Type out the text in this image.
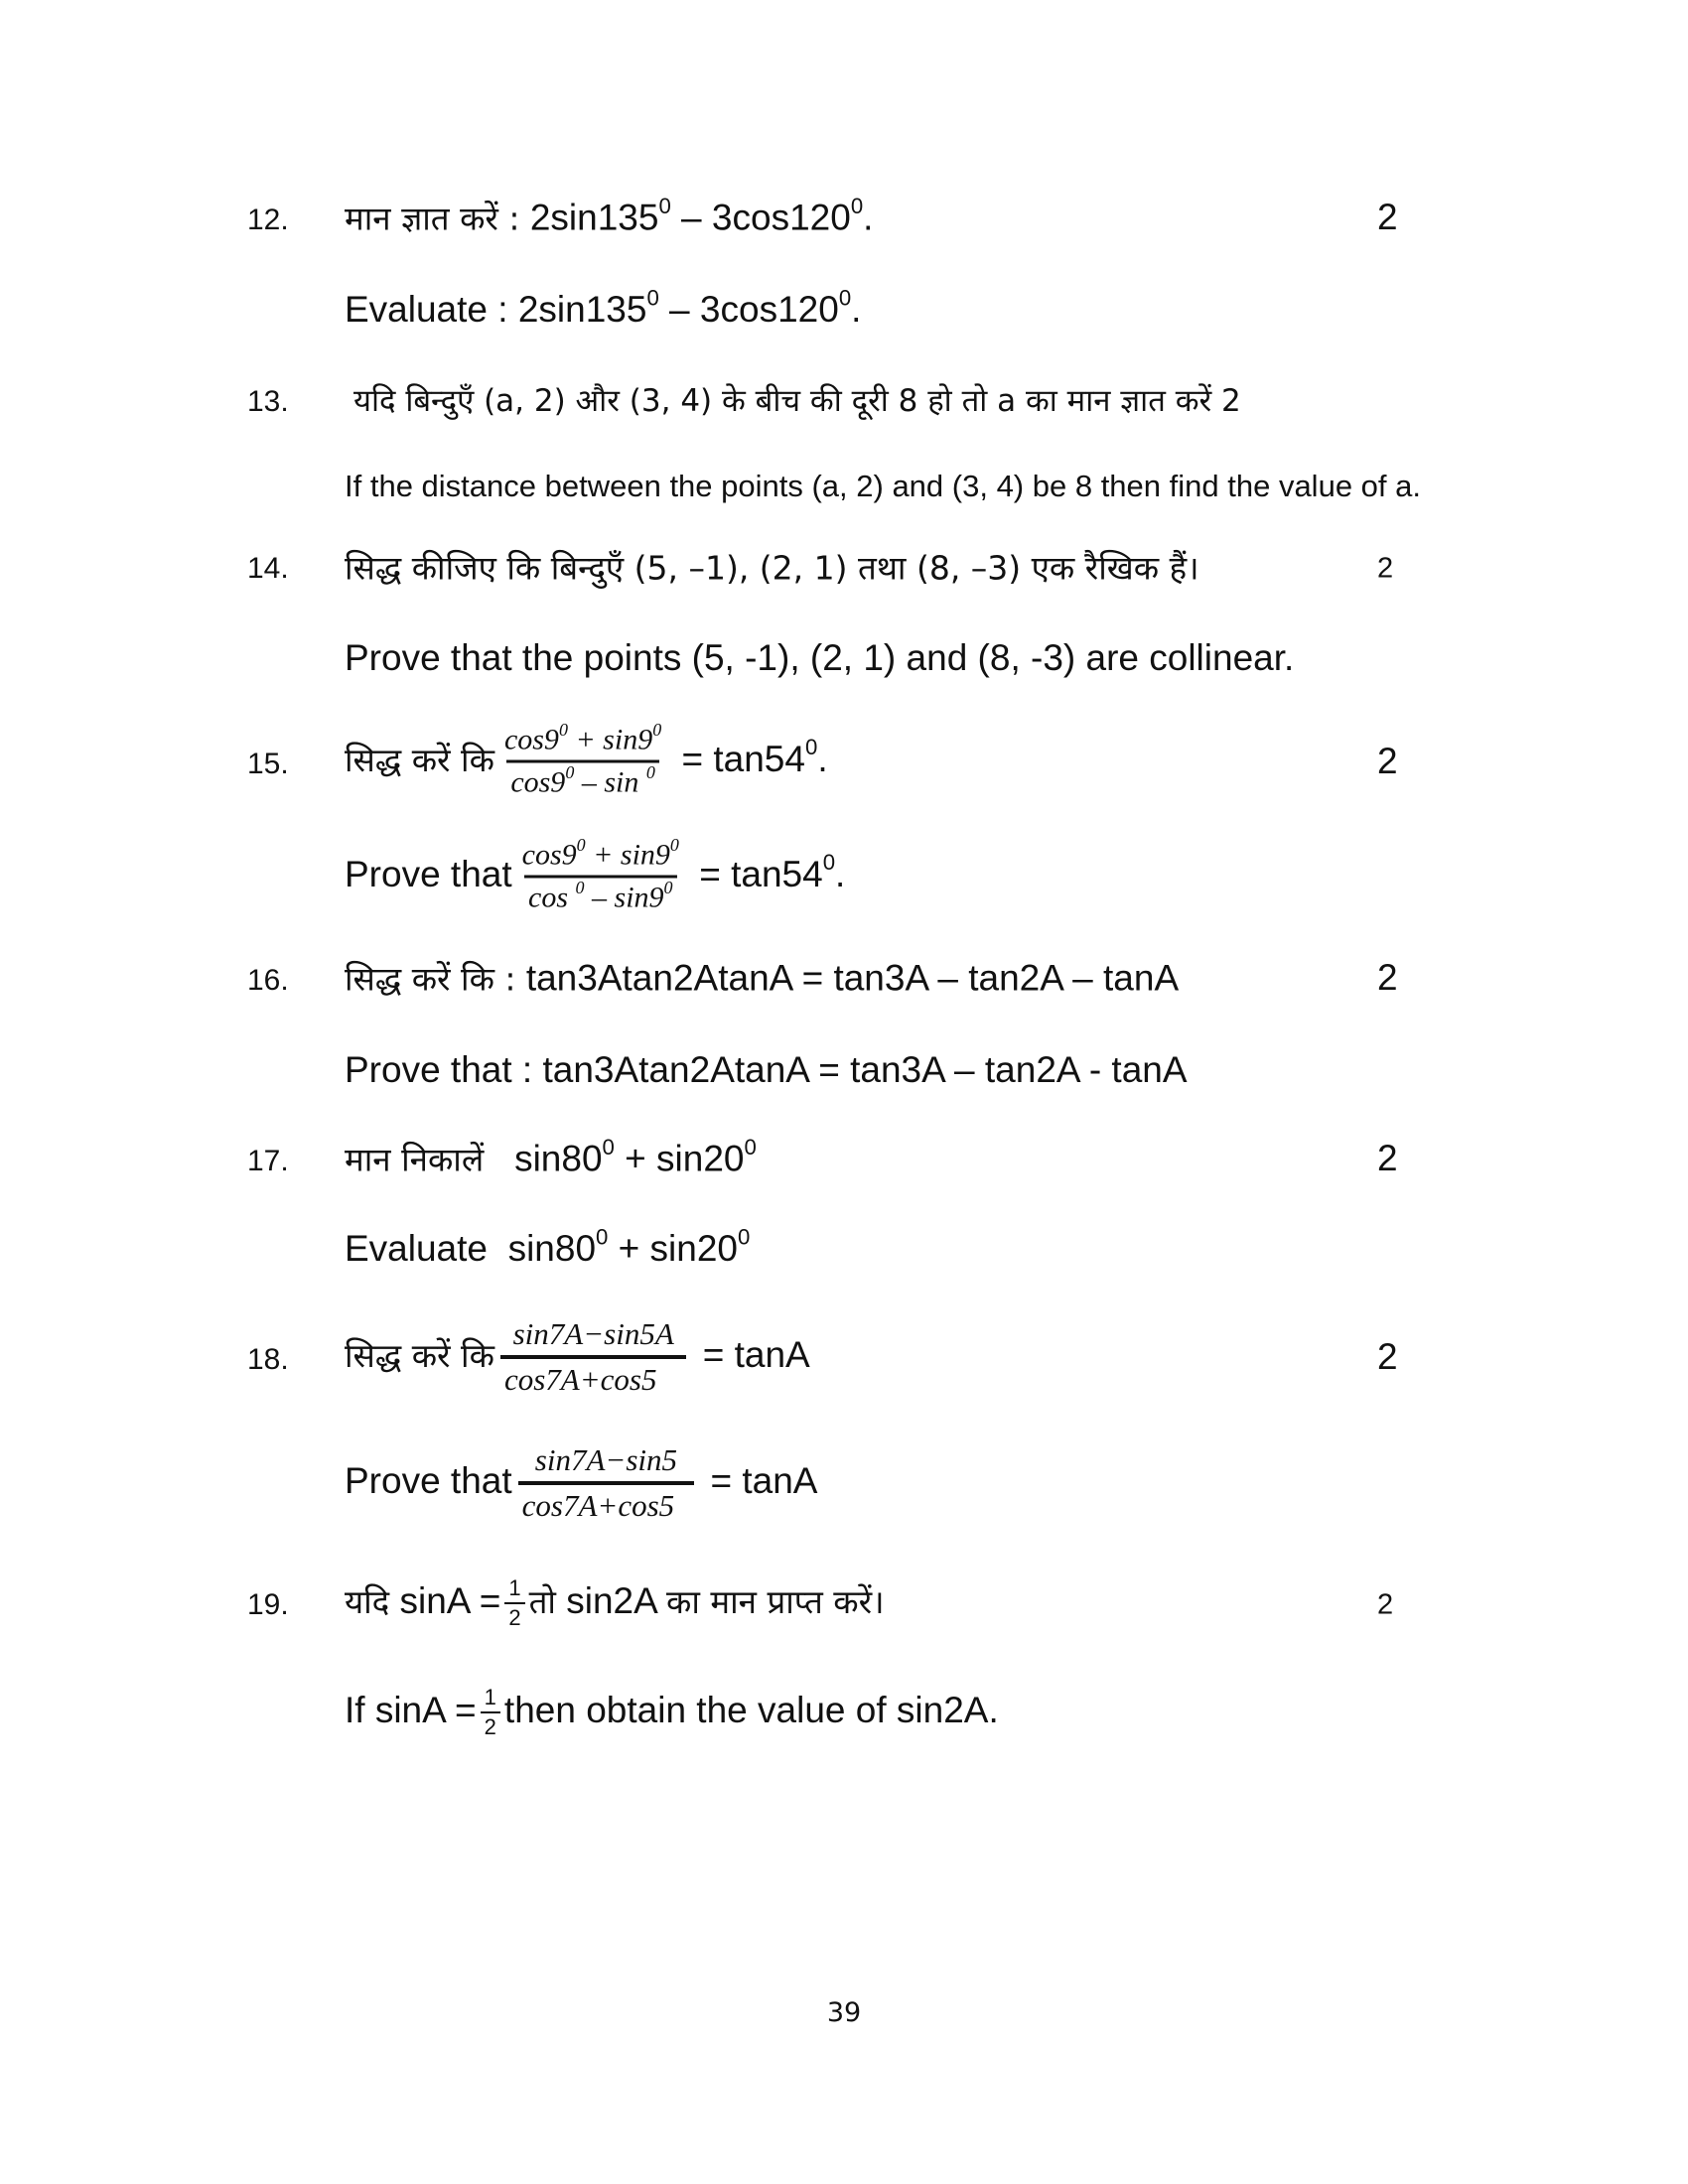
12. मान ज्ञात करें : $2\sin 135^0 - 3\cos 120^0$.	2
Evaluate : $2\sin 135^0 - 3\cos 120^0$.
13. यदि बिन्दुएँ (a, 2) और (3, 4) के बीच की दूरी 8 हो तो a का मान ज्ञात करें 2
If the distance between the points (a, 2) and (3, 4) be 8 then find the value of a.
14. सिद्ध कीजिए कि बिन्दुएँ (5, –1), (2, 1) तथा (8, –3) एक रैखिक हैं।	2
Prove that the points (5, -1), (2, 1) and (8, -3) are collinear.
15. सिद्ध करें कि $\frac{\cos 9^0 + \sin 9^0}{\cos 9^0 - \sin ^0} = \tan 54^0$.	2
Prove that $\frac{\cos 9^0 + \sin 9^0}{\cos ^0 - \sin 9^0} = \tan 54^0$.
16. सिद्ध करें कि : tan3Atan2AtanA = tan3A – tan2A – tanA	2
Prove that : tan3Atan2AtanA = tan3A – tan2A - tanA
17. मान निकालें $\sin 80^0 + \sin 20^0$	2
Evaluate $\sin 80^0 + \sin 20^0$
18. सिद्ध करें कि $\frac{\sin 7A-\sin 5A}{\cos 7A+\cos 5} = \tan A$	2
Prove that $\frac{\sin 7A-\sin 5}{\cos 7A+\cos 5} = \tan A$
19. यदि $\sin A = \frac{1}{2}$ तो sin2A का मान प्राप्त करें।	2
If $\sin A = \frac{1}{2}$ then obtain the value of sin2A.
39
